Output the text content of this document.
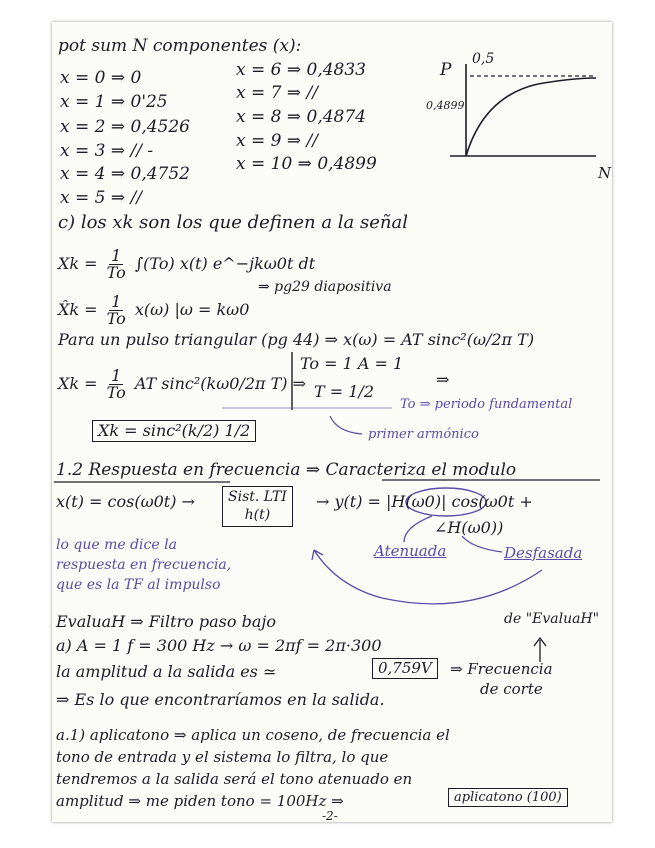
pot sum N componentes (x):
x = 0 ⇒ 0
x = 1 ⇒ 0'25
x = 2 ⇒ 0,4526
x = 3 ⇒ // -
x = 4 ⇒ 0,4752
x = 5 ⇒ //
x = 6 ⇒ 0,4833
x = 7 ⇒ //
x = 8 ⇒ 0,4874
x = 9 ⇒ //
x = 10 ⇒ 0,4899
P
0,5
0,4899
N
c) los xk son los que definen a la señal
$Xk = \frac{1}{To} \int(To)$ x(t) e^−jkω0t dt
X̂k = $\frac{1}{To} x(\omega) |\omega = k\omega 0$
⇒ pg29 diapositiva
Para un pulso triangular (pg 44) ⇒ x(ω) = AT sinc²(ω/2π T)
$Xk = \frac{1}{To}$ AT sinc²(kω0/2π T) ⇒
To = 1 A = 1
T = 1/2
⇒
To ⇒ periodo fundamental
primer armónico
Xk = sinc²(k/2) 1/2
1.2 Respuesta en frecuencia ⇒ Caracteriza el modulo
x(t) = cos(ω0t) → Sist. LTI
h(t)
→ y(t) = |H(ω0)| cos(ω0t +
∠H(ω0))
Atenuada	Desfasada
lo que me dice la
respuesta en frecuencia,
que es la TF al impulso
EvaluaH ⇒ Filtro paso bajo	de "EvaluaH"
a) A = 1 f = 300 Hz → ω = 2πf = 2π·300
la amplitud a la salida es ≃	0,759V	⇒ Frecuencia
de corte
⇒ Es lo que encontraríamos en la salida.
a.1) aplicatono ⇒ aplica un coseno, de frecuencia el
tono de entrada y el sistema lo filtra, lo que
tendremos a la salida será el tono atenuado en
amplitud ⇒ me piden tono = 100Hz ⇒	aplicatono (100)
-2-
